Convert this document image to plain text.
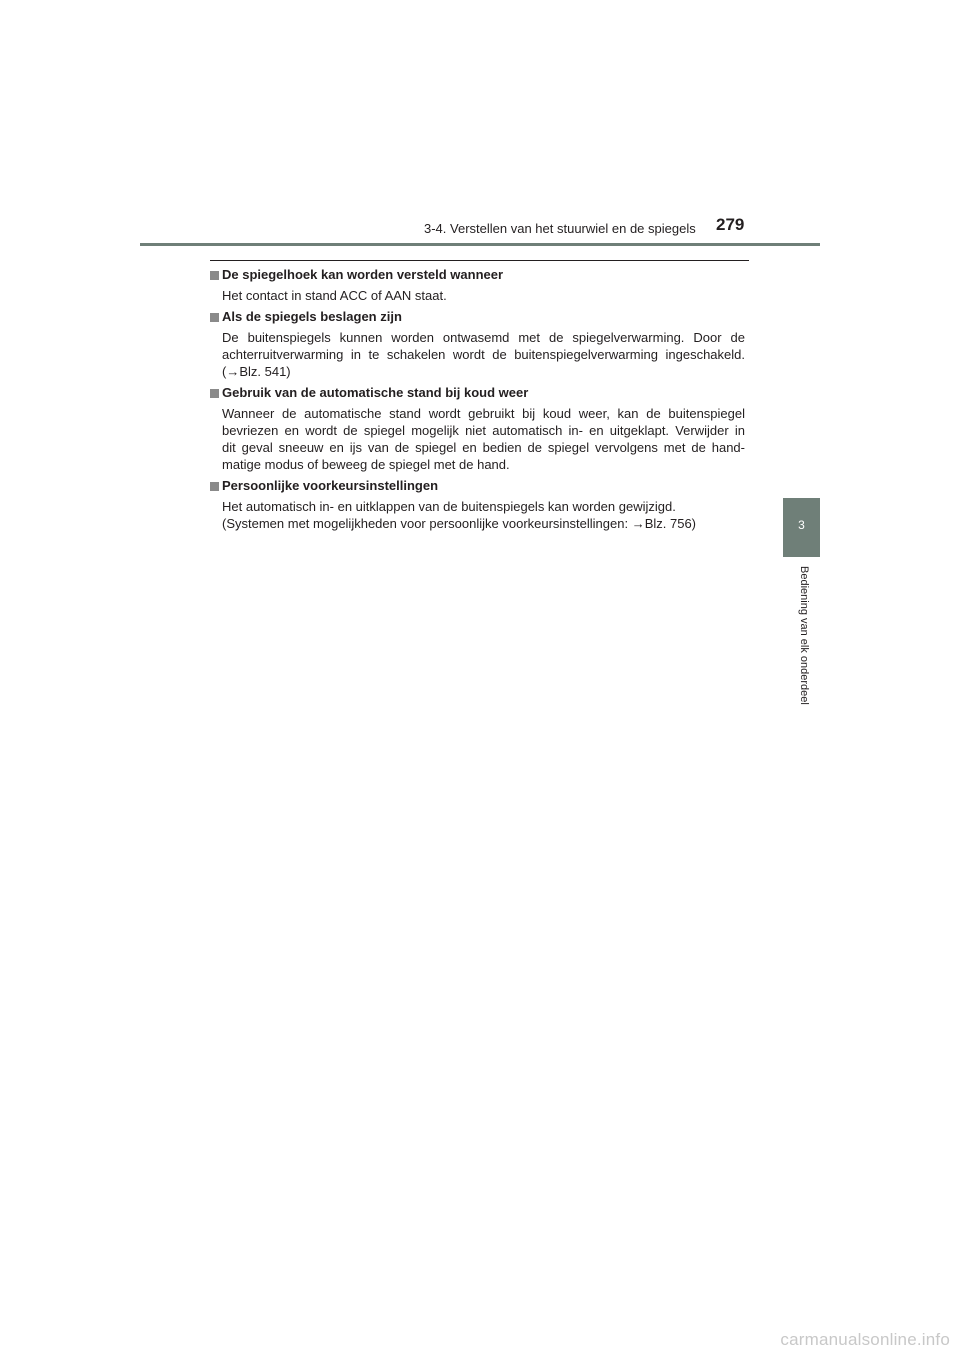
3-4. Verstellen van het stuurwiel en de spiegels 279
De spiegelhoek kan worden versteld wanneer
Het contact in stand ACC of AAN staat.
Als de spiegels beslagen zijn
De buitenspiegels kunnen worden ontwasemd met de spiegelverwarming. Door de
achterruitverwarming in te schakelen wordt de buitenspiegelverwarming ingeschakeld.
(→Blz. 541)
Gebruik van de automatische stand bij koud weer
Wanneer de automatische stand wordt gebruikt bij koud weer, kan de buitenspiegel
bevriezen en wordt de spiegel mogelijk niet automatisch in- en uitgeklapt. Verwijder in
dit geval sneeuw en ijs van de spiegel en bedien de spiegel vervolgens met de hand-
matige modus of beweeg de spiegel met de hand.
Persoonlijke voorkeursinstellingen
Het automatisch in- en uitklappen van de buitenspiegels kan worden gewijzigd.
(Systemen met mogelijkheden voor persoonlijke voorkeursinstellingen: →Blz. 756)	3
Bediening van elk onderdeel
carmanualsonline.info
